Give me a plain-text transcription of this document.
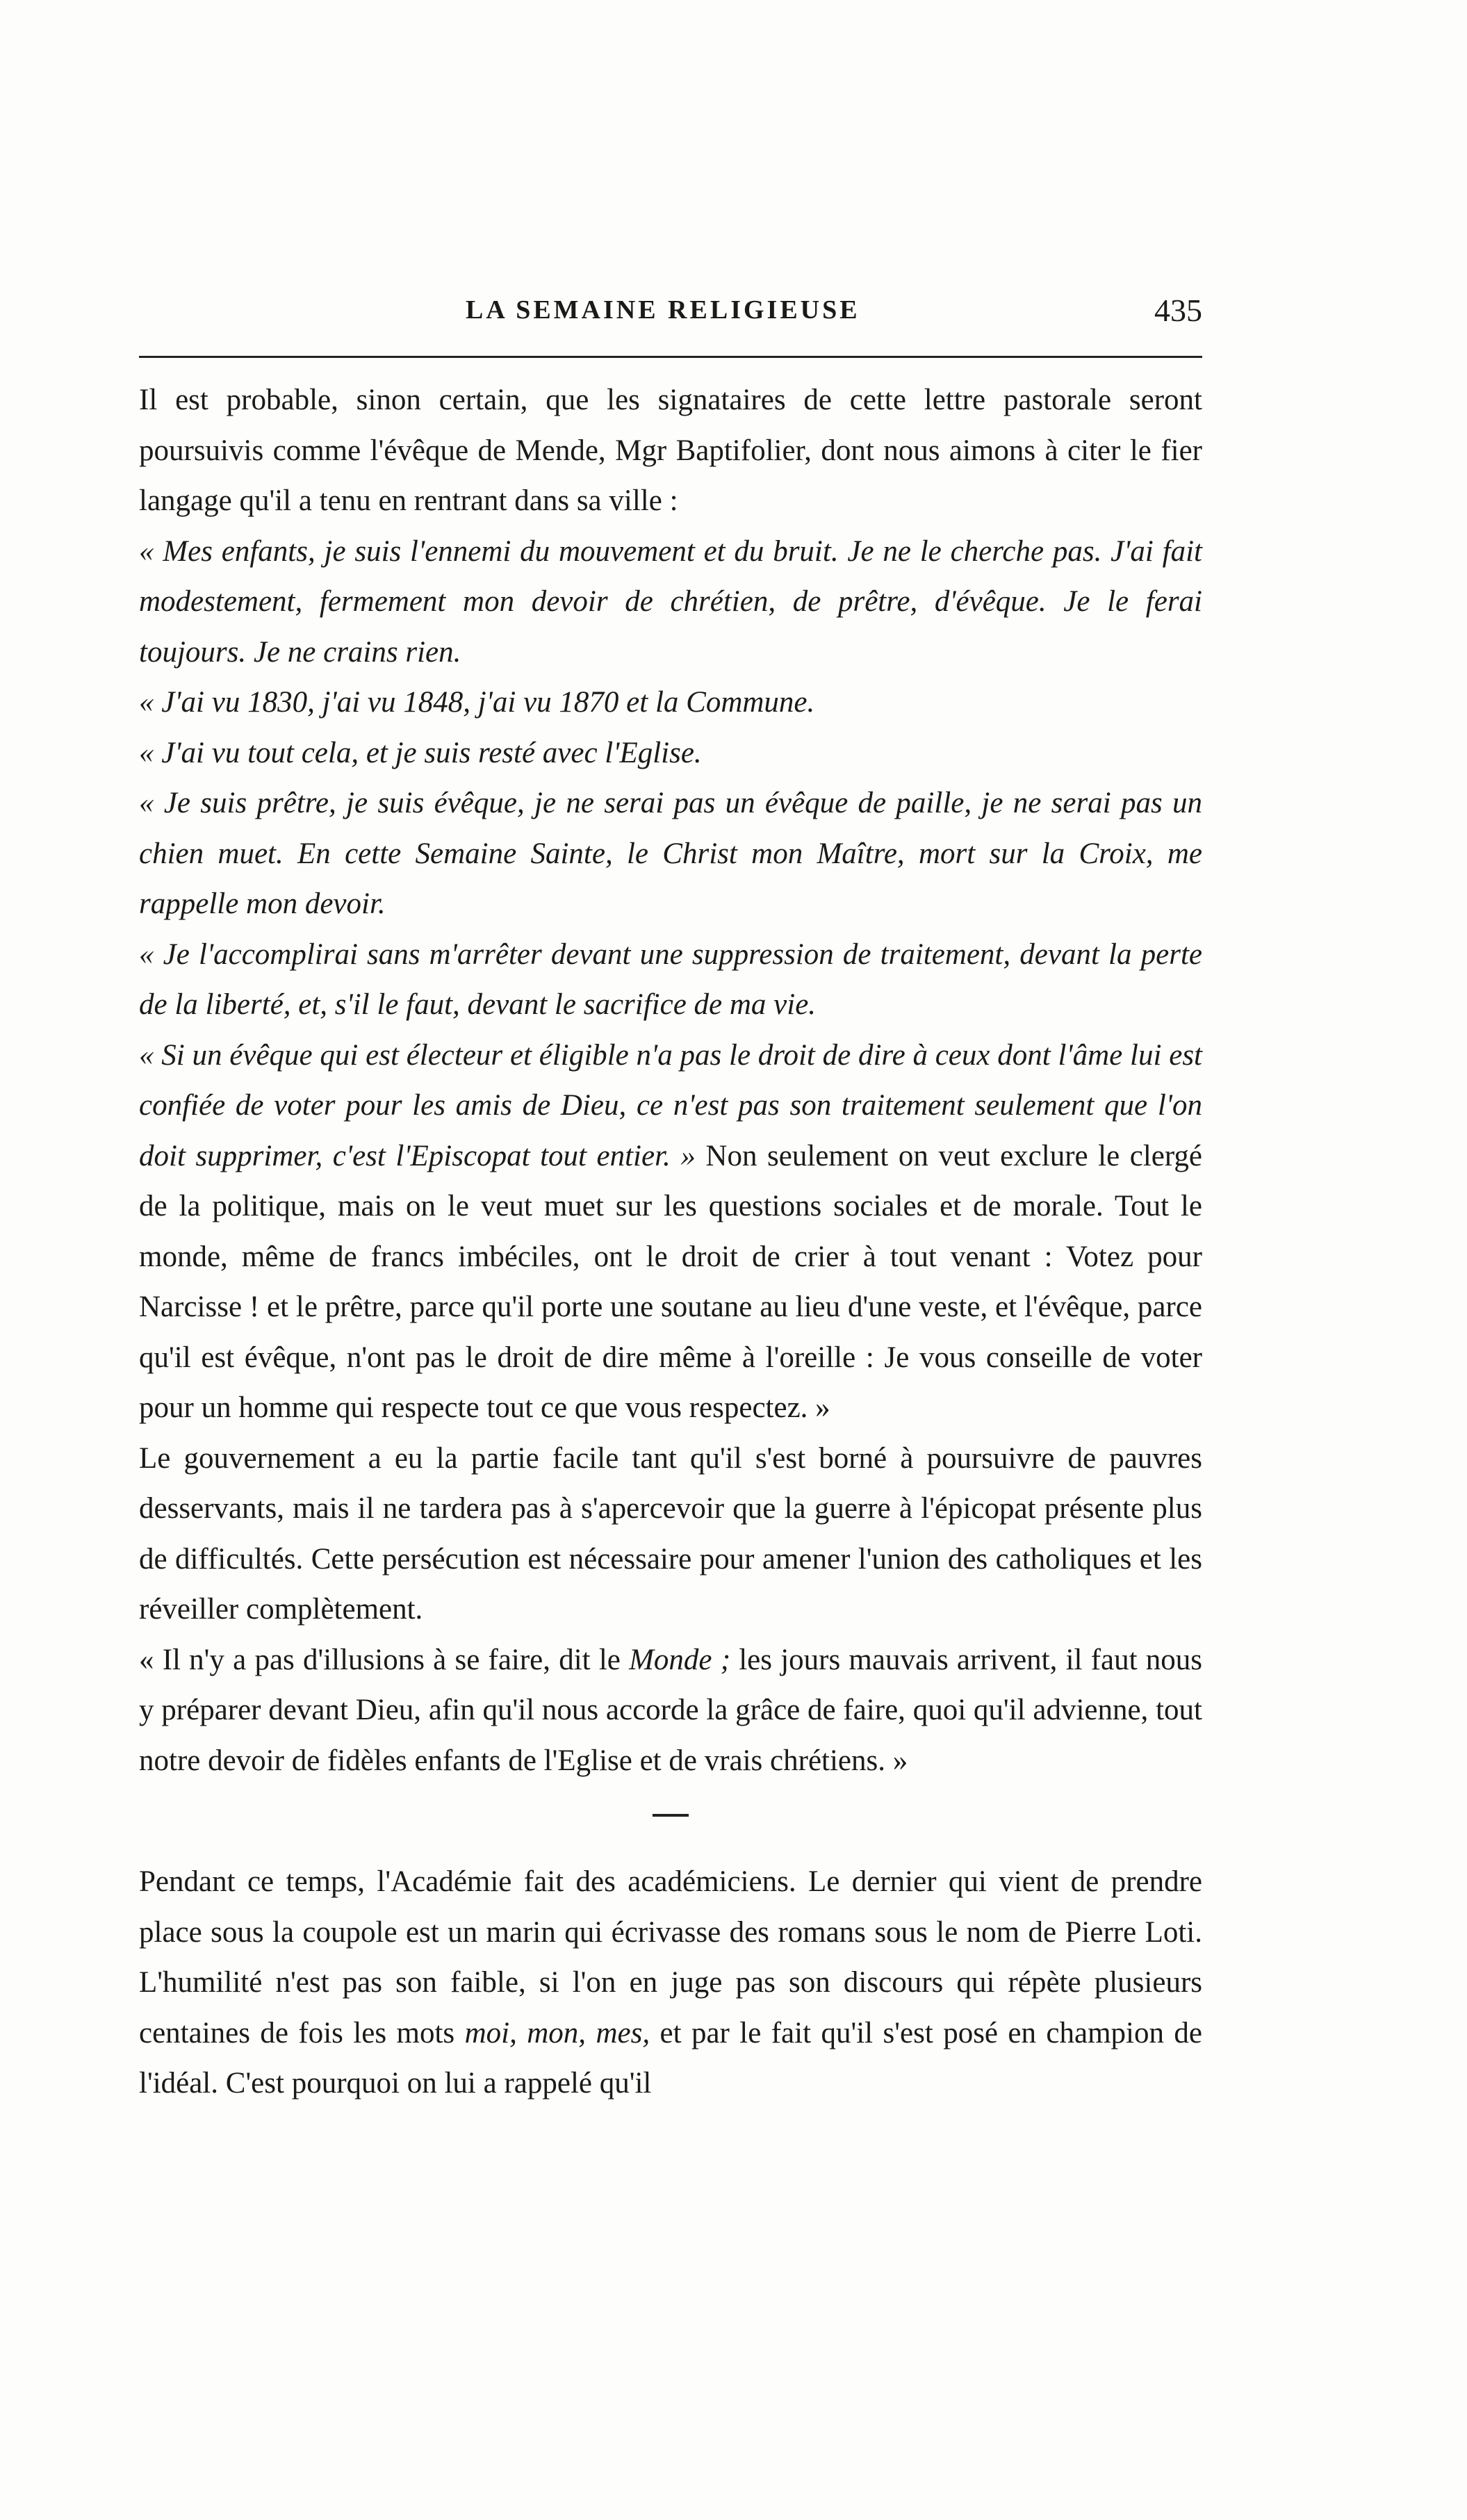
LA SEMAINE RELIGIEUSE	435

Il est probable, sinon certain, que les signataires de cette lettre pastorale seront poursuivis comme l'évêque de Mende, Mgr Baptifolier, dont nous aimons à citer le fier langage qu'il a tenu en rentrant dans sa ville :

« Mes enfants, je suis l'ennemi du mouvement et du bruit. Je ne le cherche pas. J'ai fait modestement, fermement mon devoir de chrétien, de prêtre, d'évêque. Je le ferai toujours. Je ne crains rien.

« J'ai vu 1830, j'ai vu 1848, j'ai vu 1870 et la Commune.

« J'ai vu tout cela, et je suis resté avec l'Eglise.

« Je suis prêtre, je suis évêque, je ne serai pas un évêque de paille, je ne serai pas un chien muet. En cette Semaine Sainte, le Christ mon Maître, mort sur la Croix, me rappelle mon devoir.

« Je l'accomplirai sans m'arrêter devant une suppression de traitement, devant la perte de la liberté, et, s'il le faut, devant le sacrifice de ma vie.

« Si un évêque qui est électeur et éligible n'a pas le droit de dire à ceux dont l'âme lui est confiée de voter pour les amis de Dieu, ce n'est pas son traitement seulement que l'on doit supprimer, c'est l'Episcopat tout entier. » Non seulement on veut exclure le clergé de la politique, mais on le veut muet sur les questions sociales et de morale. Tout le monde, même de francs imbéciles, ont le droit de crier à tout venant : Votez pour Narcisse ! et le prêtre, parce qu'il porte une soutane au lieu d'une veste, et l'évêque, parce qu'il est évêque, n'ont pas le droit de dire même à l'oreille : Je vous conseille de voter pour un homme qui respecte tout ce que vous respectez. »

Le gouvernement a eu la partie facile tant qu'il s'est borné à poursuivre de pauvres desservants, mais il ne tardera pas à s'apercevoir que la guerre à l'épicopat présente plus de difficultés. Cette persécution est nécessaire pour amener l'union des catholiques et les réveiller complètement.

« Il n'y a pas d'illusions à se faire, dit le Monde ; les jours mauvais arrivent, il faut nous y préparer devant Dieu, afin qu'il nous accorde la grâce de faire, quoi qu'il advienne, tout notre devoir de fidèles enfants de l'Eglise et de vrais chrétiens. »

Pendant ce temps, l'Académie fait des académiciens. Le dernier qui vient de prendre place sous la coupole est un marin qui écrivasse des romans sous le nom de Pierre Loti. L'humilité n'est pas son faible, si l'on en juge pas son discours qui répète plusieurs centaines de fois les mots moi, mon, mes, et par le fait qu'il s'est posé en champion de l'idéal. C'est pourquoi on lui a rappelé qu'il
